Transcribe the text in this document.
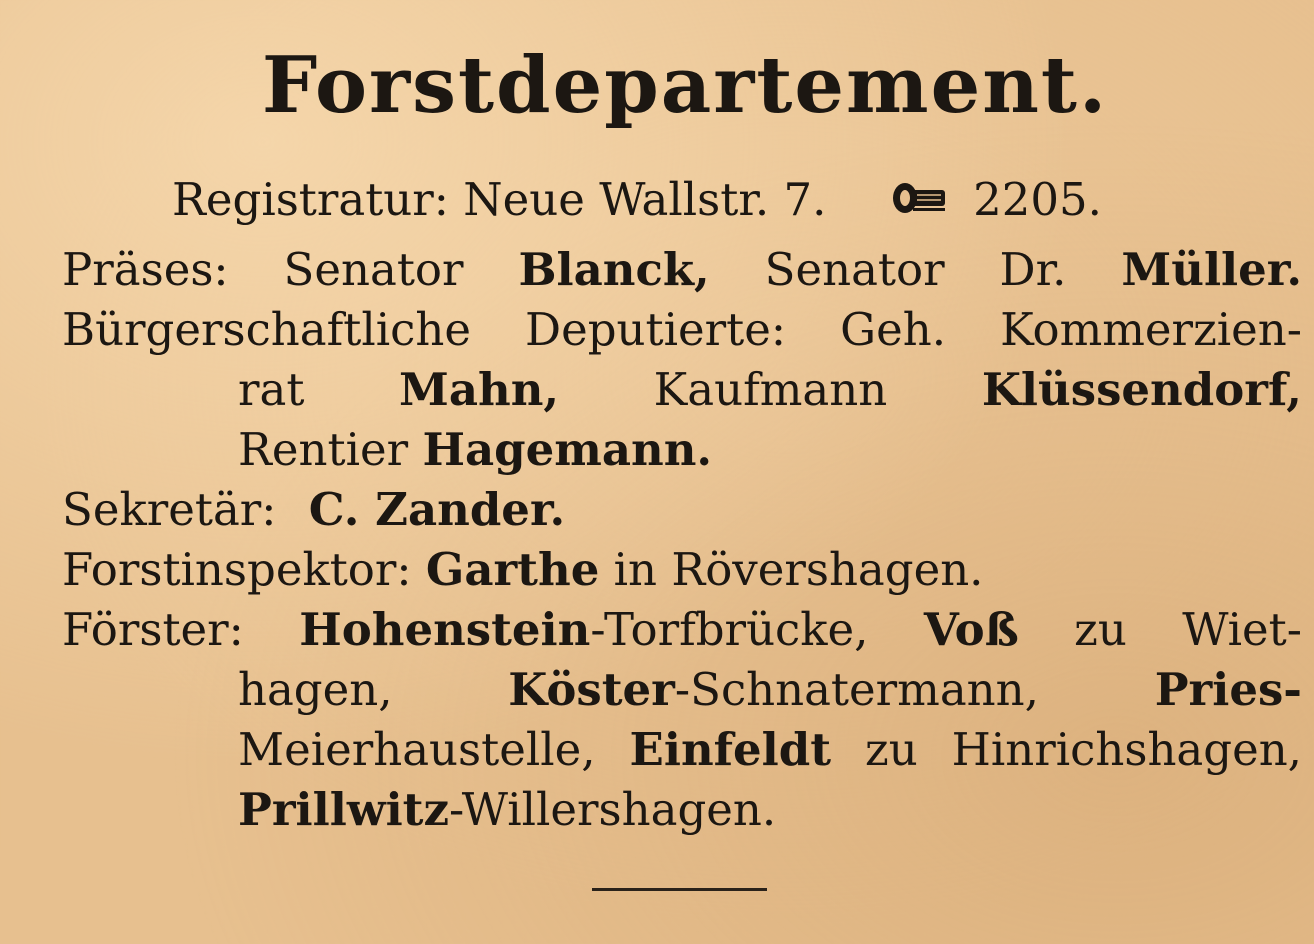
Forstdepartement.
Registratur: Neue Wallstr. 7.	2205.
Präses: Senator Blanck, Senator Dr. Müller.
Bürgerschaftliche Deputierte: Geh. Kommerzien-
rat Mahn, Kaufmann Klüssendorf,
Rentier Hagemann.
Sekretär: C. Zander.
Forstinspektor: Garthe in Rövershagen.
Förster: Hohenstein-Torfbrücke, Voß zu Wiet-
hagen,	Köster-Schnatermann,	Pries-
Meierhaustelle, Einfeldt zu Hinrichshagen,
Prillwitz-Willershagen.
